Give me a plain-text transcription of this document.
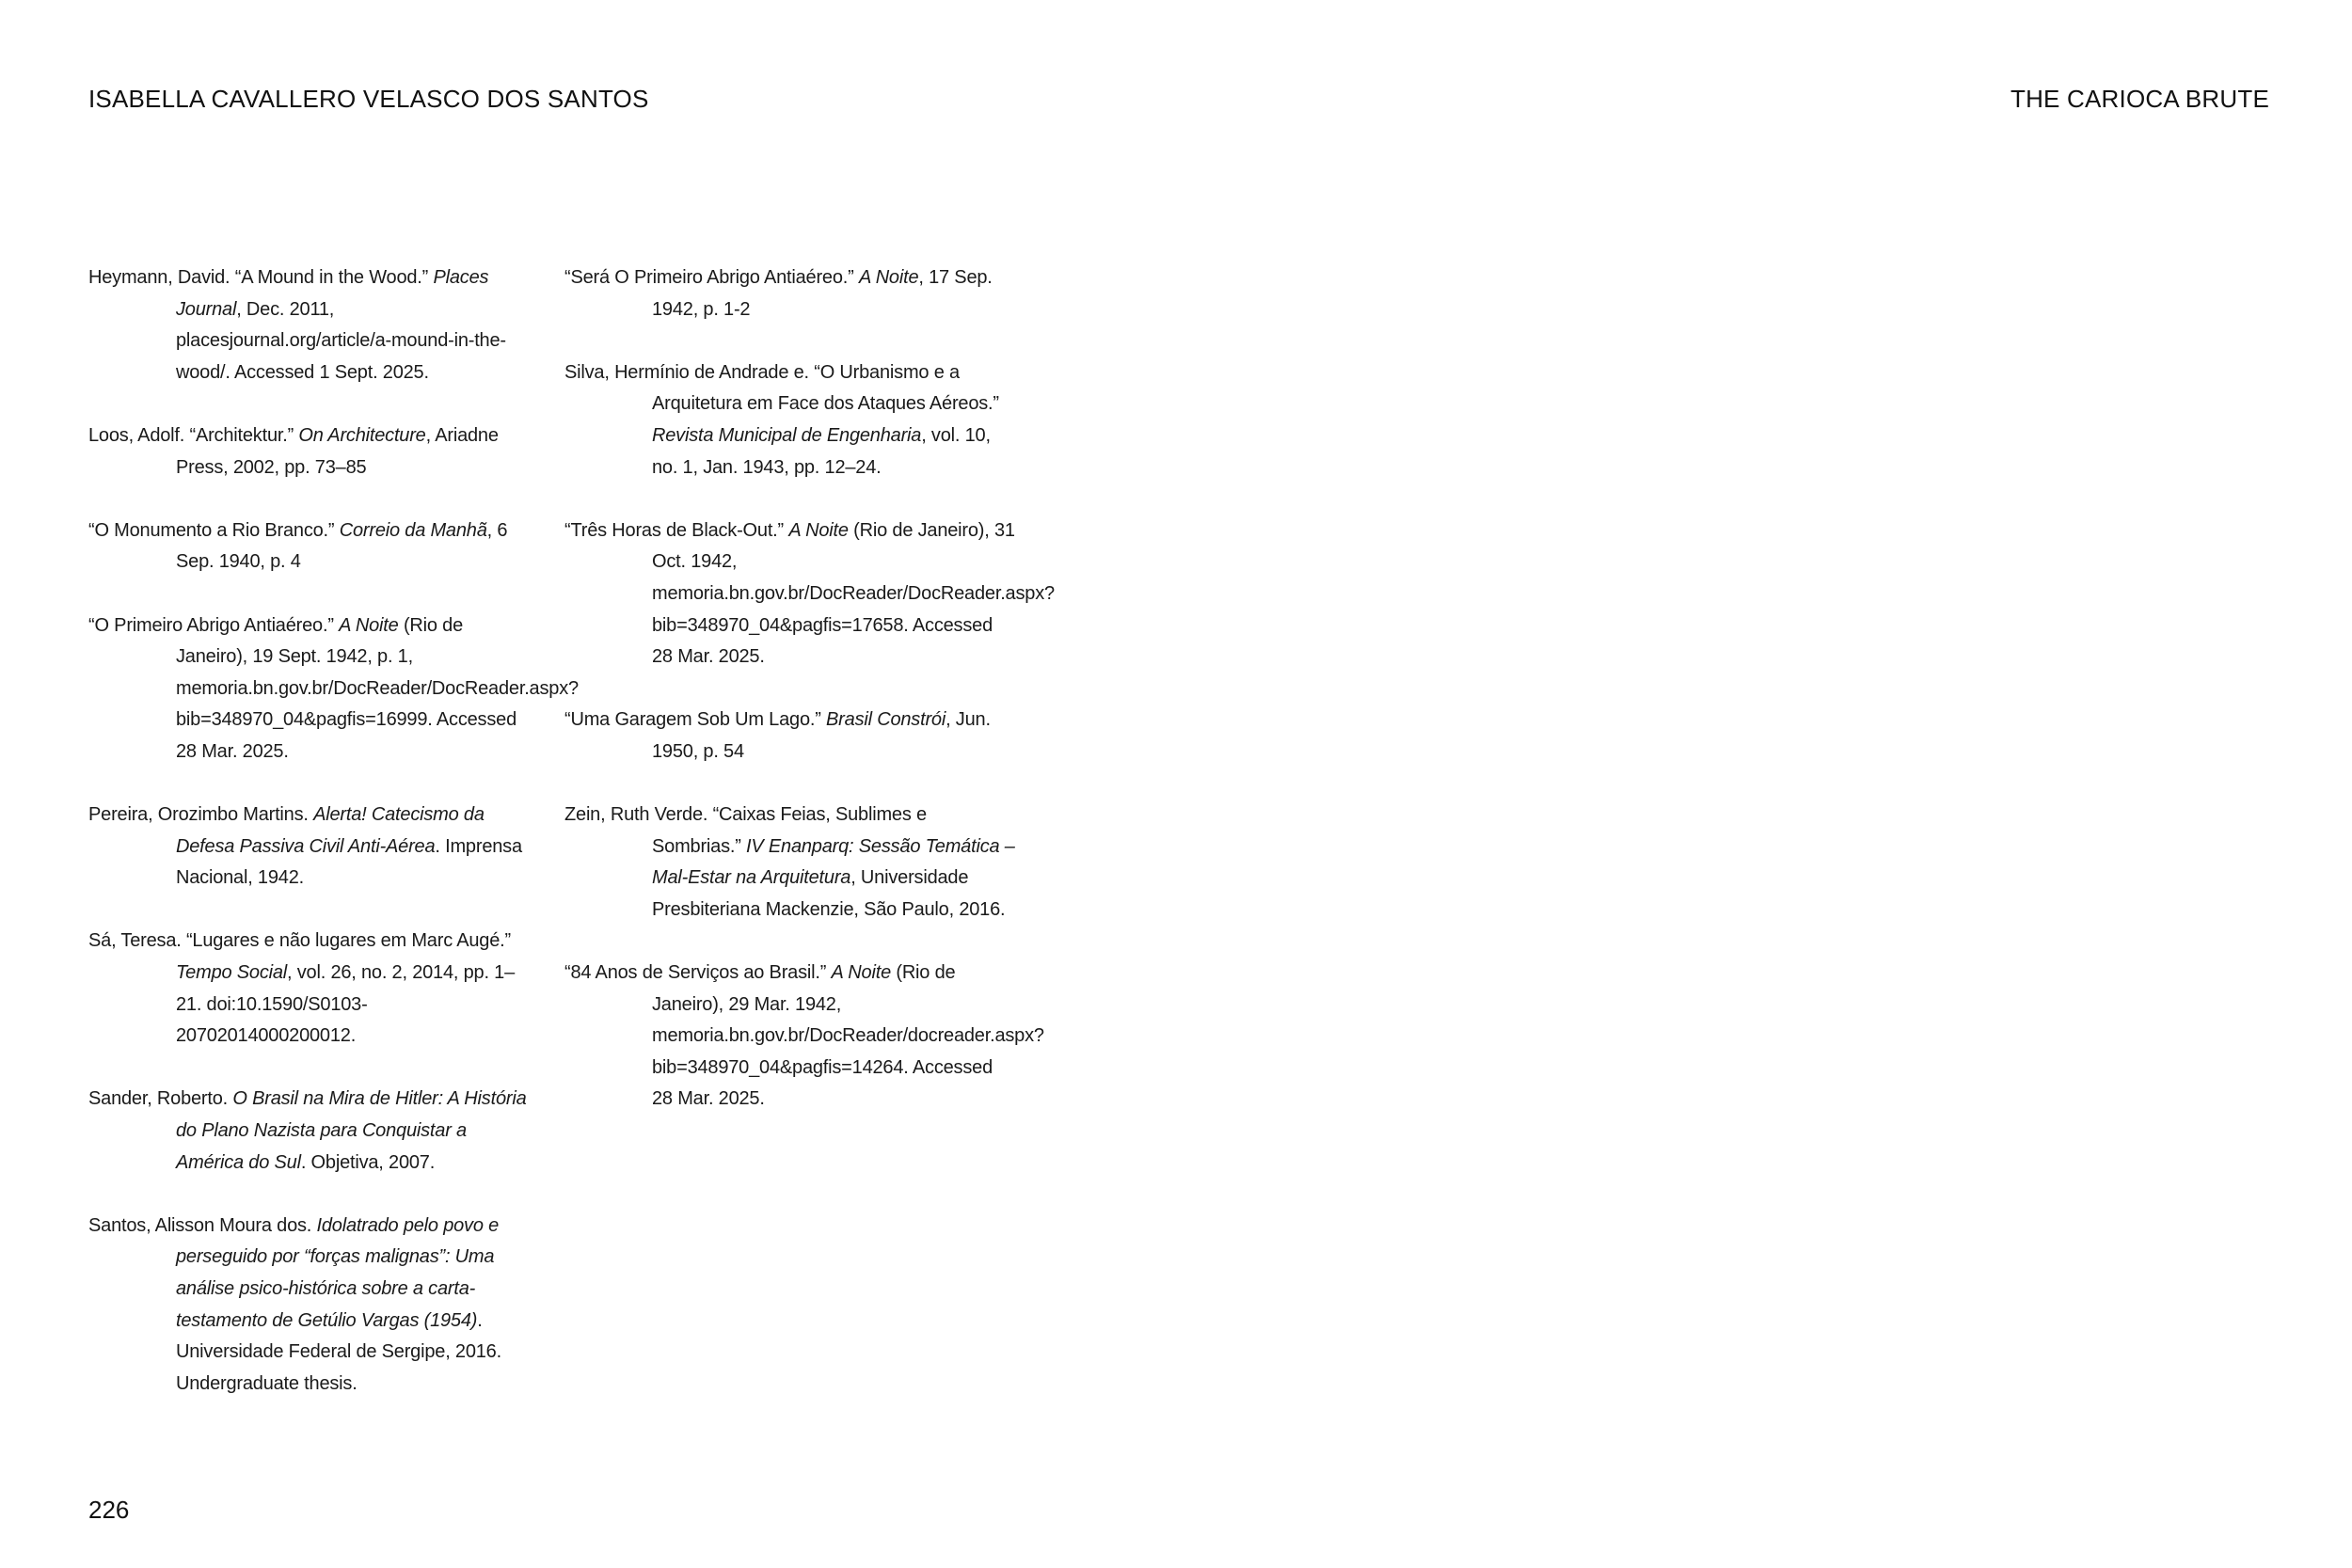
ISABELLA CAVALLERO VELASCO DOS SANTOS	THE CARIOCA BRUTE

Heymann, David. “A Mound in the Wood.” Places Journal, Dec. 2011, placesjournal.org/article/a-mound-in-the-wood/. Accessed 1 Sept. 2025.

Loos, Adolf. “Architektur.” On Architecture, Ariadne Press, 2002, pp. 73–85

“O Monumento a Rio Branco.” Correio da Manhã, 6 Sep. 1940, p. 4

“O Primeiro Abrigo Antiaéreo.” A Noite (Rio de Janeiro), 19 Sept. 1942, p. 1, memoria.bn.gov.br/DocReader/DocReader.aspx?bib=348970_04&pagfis=16999. Accessed 28 Mar. 2025.

Pereira, Orozimbo Martins. Alerta! Catecismo da Defesa Passiva Civil Anti-Aérea. Imprensa Nacional, 1942.

Sá, Teresa. “Lugares e não lugares em Marc Augé.” Tempo Social, vol. 26, no. 2, 2014, pp. 1–21. doi:10.1590/S0103-20702014000200012.

Sander, Roberto. O Brasil na Mira de Hitler: A História do Plano Nazista para Conquistar a América do Sul. Objetiva, 2007.

Santos, Alisson Moura dos. Idolatrado pelo povo e perseguido por “forças malignas”: Uma análise psico-histórica sobre a carta-testamento de Getúlio Vargas (1954). Universidade Federal de Sergipe, 2016. Undergraduate thesis.

“Será O Primeiro Abrigo Antiaéreo.” A Noite, 17 Sep. 1942, p. 1-2

Silva, Hermínio de Andrade e. “O Urbanismo e a Arquitetura em Face dos Ataques Aéreos.” Revista Municipal de Engenharia, vol. 10, no. 1, Jan. 1943, pp. 12–24.

“Três Horas de Black-Out.” A Noite (Rio de Janeiro), 31 Oct. 1942, memoria.bn.gov.br/DocReader/DocReader.aspx?bib=348970_04&pagfis=17658. Accessed 28 Mar. 2025.

“Uma Garagem Sob Um Lago.” Brasil Constrói, Jun. 1950, p. 54

Zein, Ruth Verde. “Caixas Feias, Sublimes e Sombrias.” IV Enanparq: Sessão Temática – Mal-Estar na Arquitetura, Universidade Presbiteriana Mackenzie, São Paulo, 2016.

“84 Anos de Serviços ao Brasil.” A Noite (Rio de Janeiro), 29 Mar. 1942, memoria.bn.gov.br/DocReader/docreader.aspx?bib=348970_04&pagfis=14264. Accessed 28 Mar. 2025.

226
